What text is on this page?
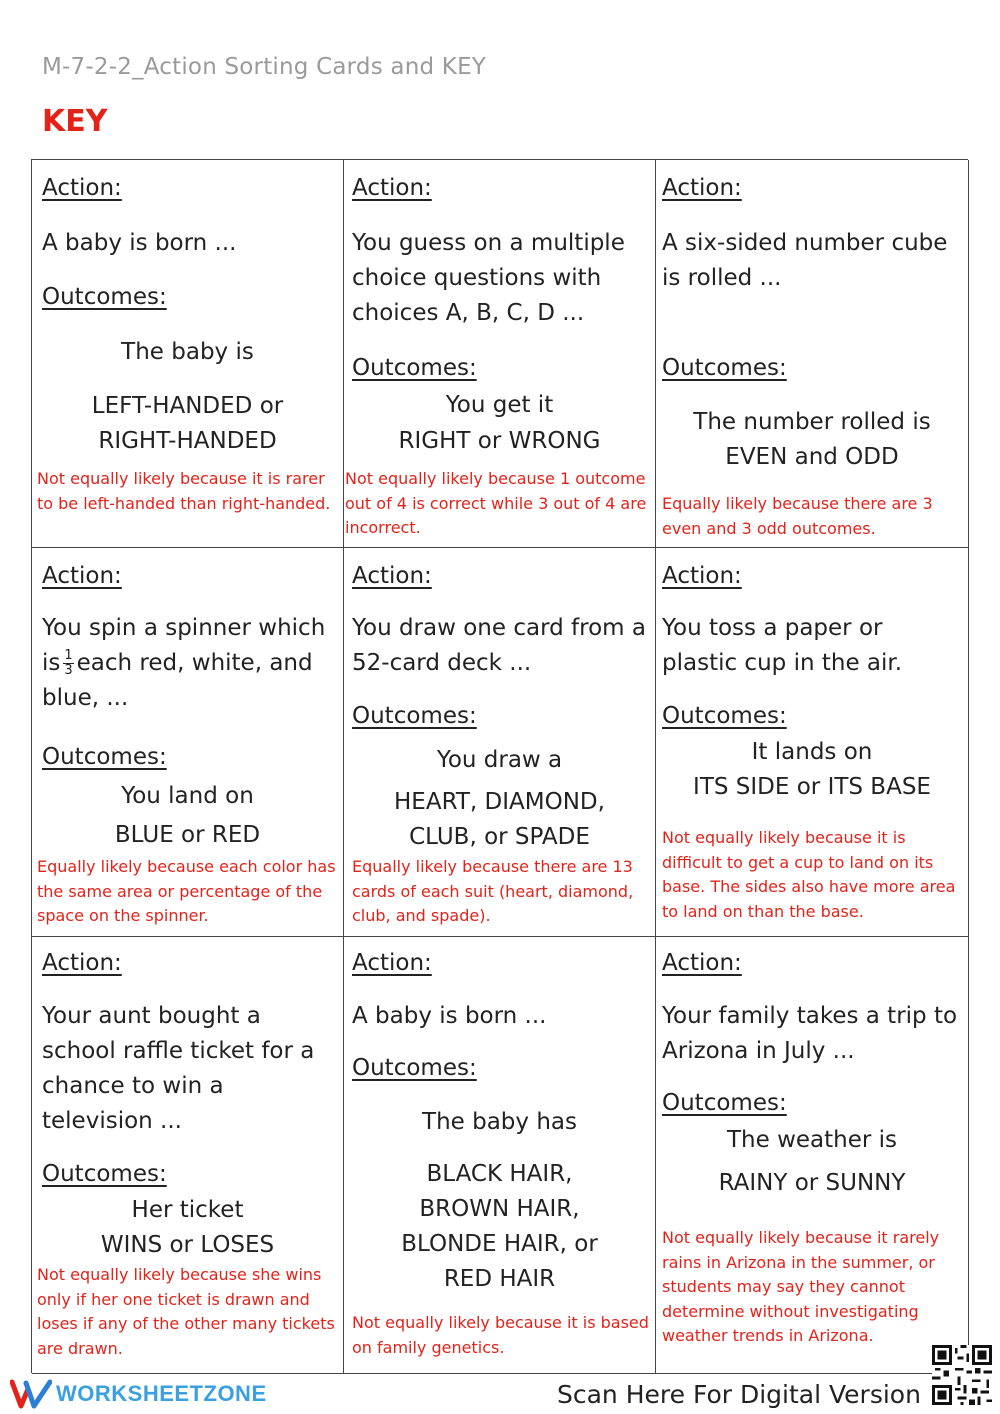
M-7-2-2_Action Sorting Cards and KEY
KEY
Action:
A baby is born ...
Outcomes:
The baby is
LEFT-HANDED or
RIGHT-HANDED
Not equally likely because it is rarer to be left-handed than right-handed.
Action:
You guess on a multiple choice questions with choices A, B, C, D ...
Outcomes:
You get it
RIGHT or WRONG
Not equally likely because 1 outcome out of 4 is correct while 3 out of 4 are incorrect.
Action:
A six-sided number cube is rolled ...
Outcomes:
The number rolled is
EVEN and ODD
Equally likely because there are 3 even and 3 odd outcomes.
Action:
You spin a spinner which is $\frac{1}{3}$ each red, white, and blue, ...
Outcomes:
You land on
BLUE or RED
Equally likely because each color has the same area or percentage of the space on the spinner.
Action:
You draw one card from a 52-card deck ...
Outcomes:
You draw a
HEART, DIAMOND,
CLUB, or SPADE
Equally likely because there are 13 cards of each suit (heart, diamond, club, and spade).
Action:
You toss a paper or plastic cup in the air.
Outcomes:
It lands on
ITS SIDE or ITS BASE
Not equally likely because it is difficult to get a cup to land on its base. The sides also have more area to land on than the base.
Action:
Your aunt bought a school raffle ticket for a chance to win a television ...
Outcomes:
Her ticket
WINS or LOSES
Not equally likely because she wins only if her one ticket is drawn and loses if any of the other many tickets are drawn.
Action:
A baby is born ...
Outcomes:
The baby has
BLACK HAIR,
BROWN HAIR,
BLONDE HAIR, or
RED HAIR
Not equally likely because it is based on family genetics.
Action:
Your family takes a trip to Arizona in July ...
Outcomes:
The weather is
RAINY or SUNNY
Not equally likely because it rarely rains in Arizona in the summer, or students may say they cannot determine without investigating weather trends in Arizona.
WORKSHEETZONE	Scan Here For Digital Version
